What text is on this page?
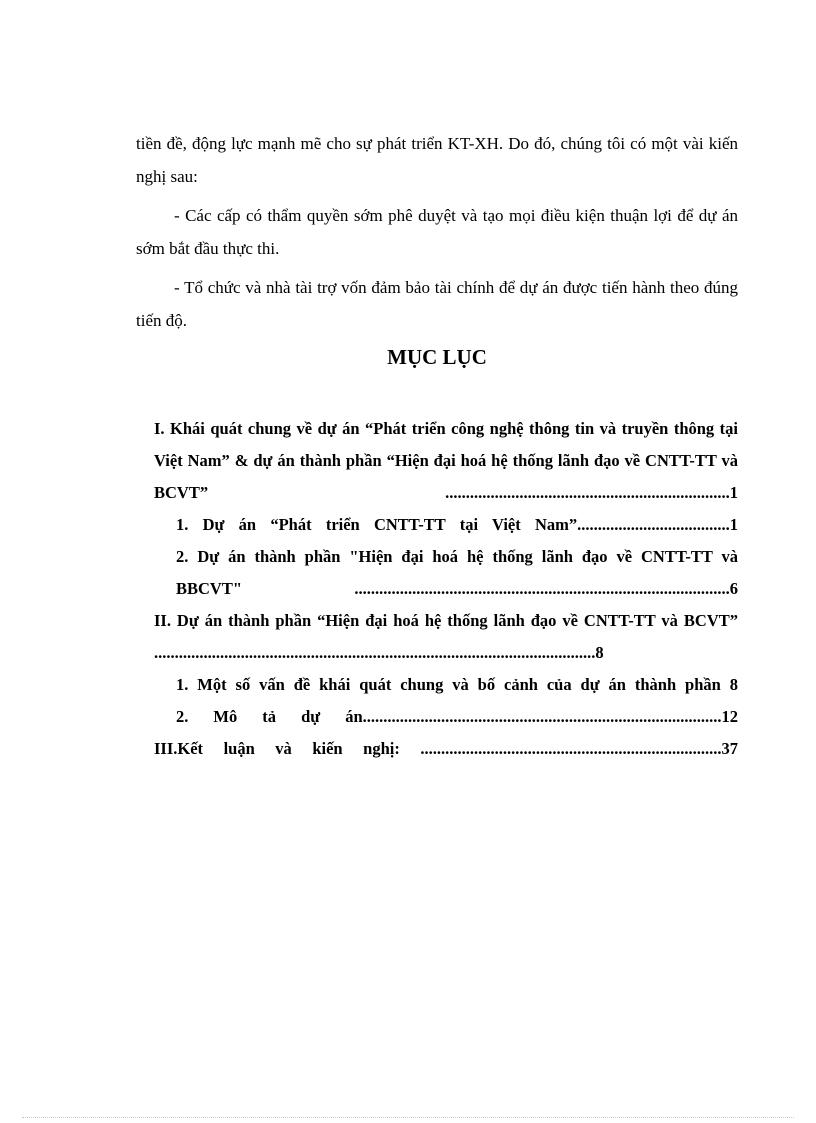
tiền đề, động lực mạnh mẽ cho sự phát triển KT-XH. Do đó, chúng tôi có một vài kiến nghị sau:
- Các cấp có thẩm quyền sớm phê duyệt và tạo mọi điều kiện thuận lợi để dự án sớm bắt đầu thực thi.
- Tổ chức và nhà tài trợ vốn đảm bảo tài chính để dự án được tiến hành theo đúng tiến độ.
MỤC LỤC
I. Khái quát chung về dự án “Phát triển công nghệ thông tin và truyền thông tại Việt Nam” & dự án thành phần “Hiện đại hoá hệ thống lãnh đạo về CNTT-TT và BCVT” .....................................................................1
1. Dự án “Phát triển CNTT-TT tại Việt Nam”.....................................1
2. Dự án thành phần "Hiện đại hoá hệ thống lãnh đạo về CNTT-TT và BBCVT" ...........................................................................................6
II. Dự án thành phần “Hiện đại hoá hệ thống lãnh đạo về CNTT-TT và BCVT” ...........................................................................................................8
1. Một số vấn đề khái quát chung và bố cảnh của dự án thành phần 8
2. Mô tả dự án.......................................................................................12
III.Kết luận và kiến nghị: .........................................................................37
